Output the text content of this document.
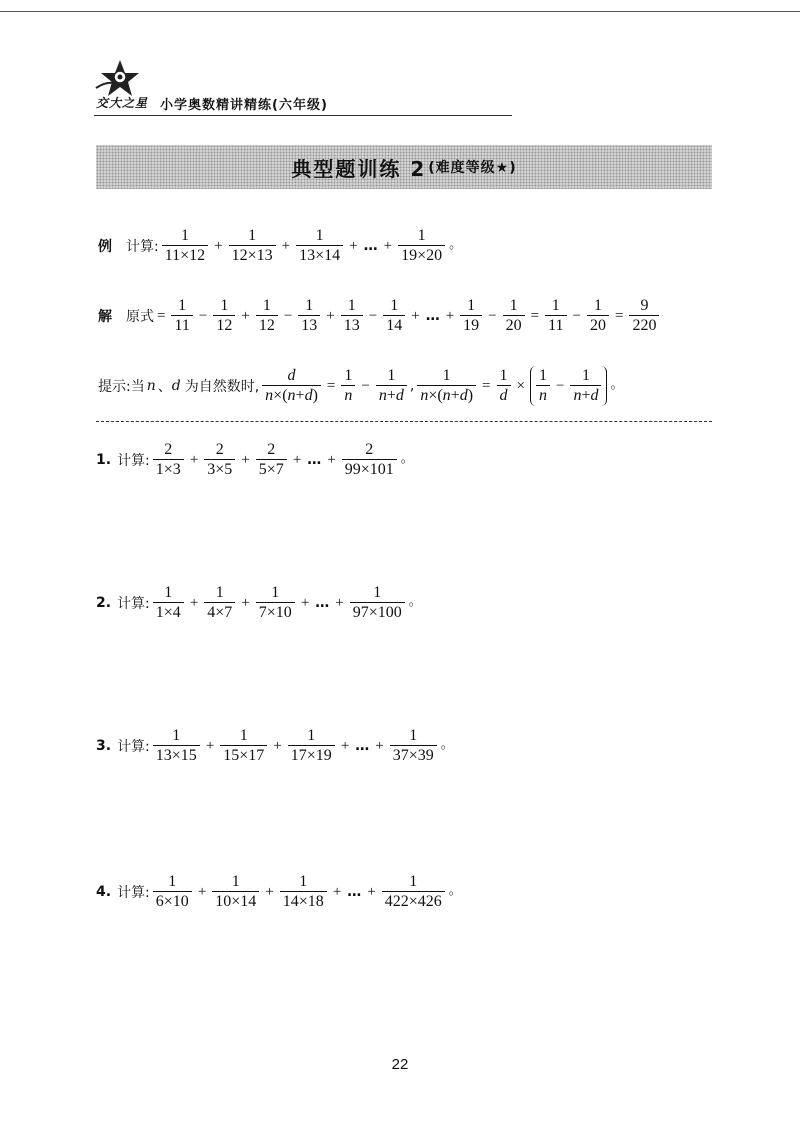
交大之星 小学奥数精讲精练(六年级)
典型题训练 2 (难度等级★)
例 计算: $\frac{1}{11\times 12} + \frac{1}{12\times 13} + \frac{1}{13\times 14}$ + … + $\frac{1}{19\times 20}$ 。
解 原式 = $\frac{1}{11} - \frac{1}{12} + \frac{1}{12} - \frac{1}{13} + \frac{1}{13} - \frac{1}{14}$ + … + $\frac{1}{19} - \frac{1}{20} = \frac{1}{11} - \frac{1}{20} = \frac{9}{220}$
提示:当 n 、 d 为自然数时, $\frac{d}{n\times(n+d)} = \frac{1}{n} - \frac{1}{n+d}$ , $\frac{1}{n\times(n+d)} = \frac{1}{d} \times \frac{1}{n} - \frac{1}{n+d}$ 。
1. 计算: $\frac{2}{1\times 3} + \frac{2}{3\times 5} + \frac{2}{5\times 7}$ + … + $\frac{2}{99\times 101}$ 。
2. 计算: $\frac{1}{1\times 4} + \frac{1}{4\times 7} + \frac{1}{7\times 10}$ + … + $\frac{1}{97\times 100}$ 。
3. 计算: $\frac{1}{13\times 15} + \frac{1}{15\times 17} + \frac{1}{17\times 19}$ + … + $\frac{1}{37\times 39}$ 。
4. 计算: $\frac{1}{6\times 10} + \frac{1}{10\times 14} + \frac{1}{14\times 18}$ + … + $\frac{1}{422\times 426}$ 。
22
